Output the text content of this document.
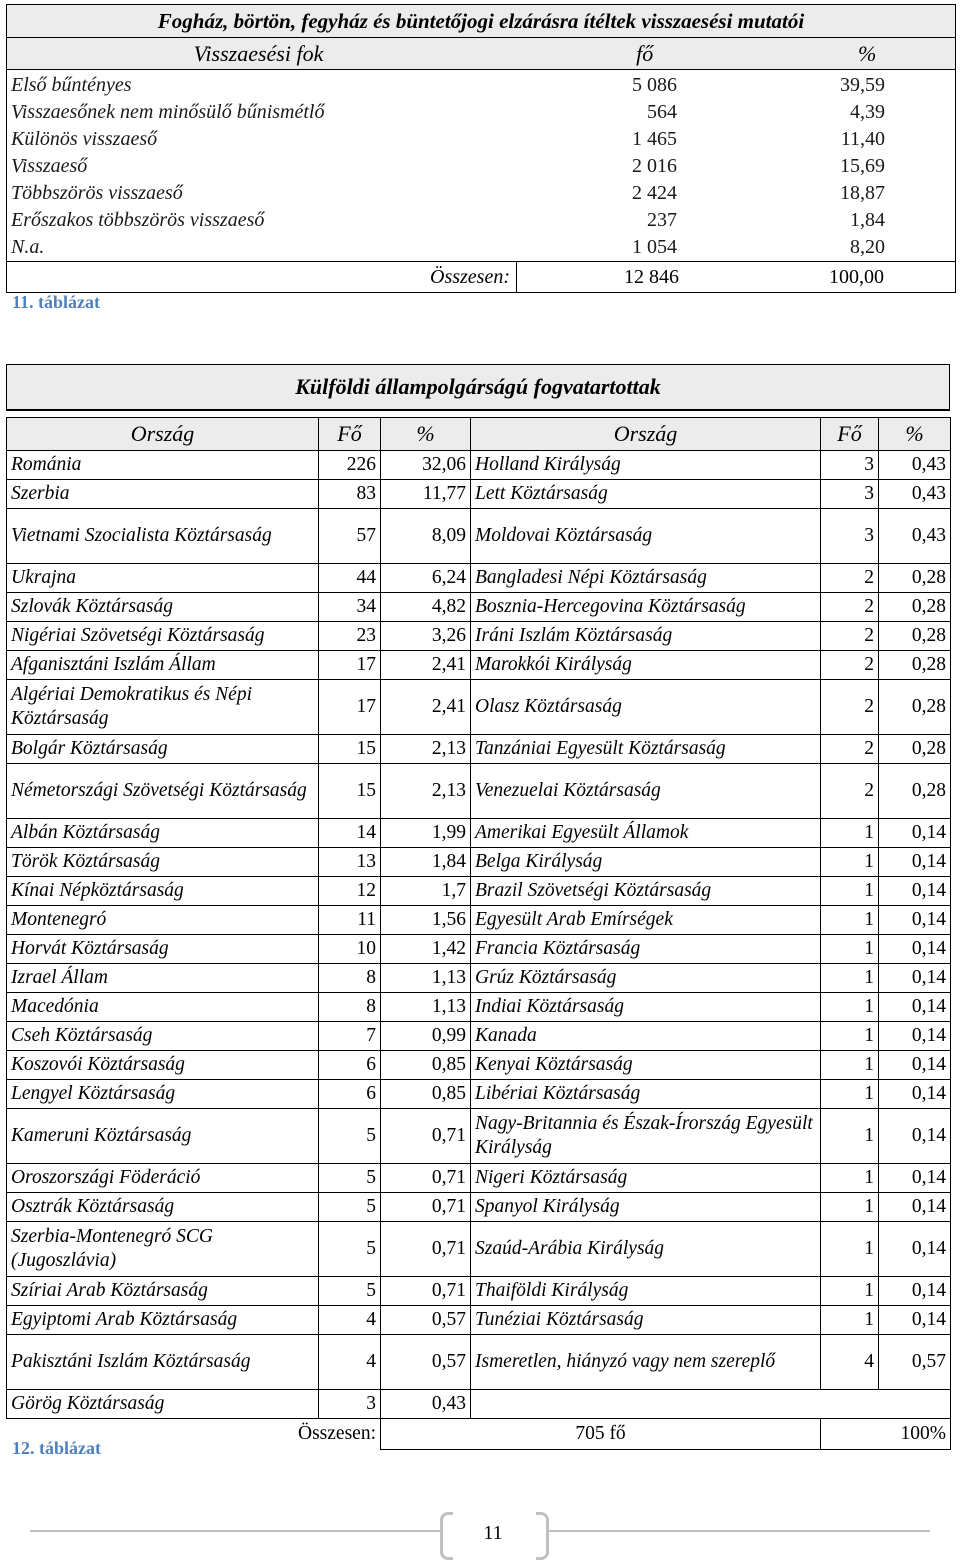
Fogház, börtön, fegyház és büntetőjogi elzárásra ítéltek visszaesési mutatói
Visszaesési fok	fő	%
Első bűntényes	5 086	39,59
Visszaesőnek nem minősülő bűnismétlő	564	4,39
Különös visszaeső	1 465	11,40
Visszaeső	2 016	15,69
Többszörös visszaeső	2 424	18,87
Erőszakos többszörös visszaeső	237	1,84
N.a.	1 054	8,20
Összesen:	12 846	100,00
11. táblázat
Külföldi állampolgárságú fogvatartottak
Ország	Fő	%	Ország	Fő	%
Románia	226	32,06	Holland Királyság	3	0,43
Szerbia	83	11,77	Lett Köztársaság	3	0,43
Vietnami Szocialista Köztársaság	57	8,09	Moldovai Köztársaság	3	0,43
Ukrajna	44	6,24	Bangladesi Népi Köztársaság	2	0,28
Szlovák Köztársaság	34	4,82	Bosznia-Hercegovina Köztársaság	2	0,28
Nigériai Szövetségi Köztársaság	23	3,26	Iráni Iszlám Köztársaság	2	0,28
Afganisztáni Iszlám Állam	17	2,41	Marokkói Királyság	2	0,28
Algériai Demokratikus és Népi Köztársaság	17	2,41	Olasz Köztársaság	2	0,28
Bolgár Köztársaság	15	2,13	Tanzániai Egyesült Köztársaság	2	0,28
Németországi Szövetségi Köztársaság	15	2,13	Venezuelai Köztársaság	2	0,28
Albán Köztársaság	14	1,99	Amerikai Egyesült Államok	1	0,14
Török Köztársaság	13	1,84	Belga Királyság	1	0,14
Kínai Népköztársaság	12	1,7	Brazil Szövetségi Köztársaság	1	0,14
Montenegró	11	1,56	Egyesült Arab Emírségek	1	0,14
Horvát Köztársaság	10	1,42	Francia Köztársaság	1	0,14
Izrael Állam	8	1,13	Grúz Köztársaság	1	0,14
Macedónia	8	1,13	Indiai Köztársaság	1	0,14
Cseh Köztársaság	7	0,99	Kanada	1	0,14
Koszovói Köztársaság	6	0,85	Kenyai Köztársaság	1	0,14
Lengyel Köztársaság	6	0,85	Libériai Köztársaság	1	0,14
Kameruni Köztársaság	5	0,71	Nagy-Britannia és Észak-Írország Egyesült Királyság	1	0,14
Oroszországi Föderáció	5	0,71	Nigeri Köztársaság	1	0,14
Osztrák Köztársaság	5	0,71	Spanyol Királyság	1	0,14
Szerbia-Montenegró SCG (Jugoszlávia)	5	0,71	Szaúd-Arábia Királyság	1	0,14
Szíriai Arab Köztársaság	5	0,71	Thaiföldi Királyság	1	0,14
Egyiptomi Arab Köztársaság	4	0,57	Tunéziai Köztársaság	1	0,14
Pakisztáni Iszlám Köztársaság	4	0,57	Ismeretlen, hiányzó vagy nem szereplő	4	0,57
Görög Köztársaság	3	0,43			
Összesen:		705 fő		100%	
12. táblázat
11
